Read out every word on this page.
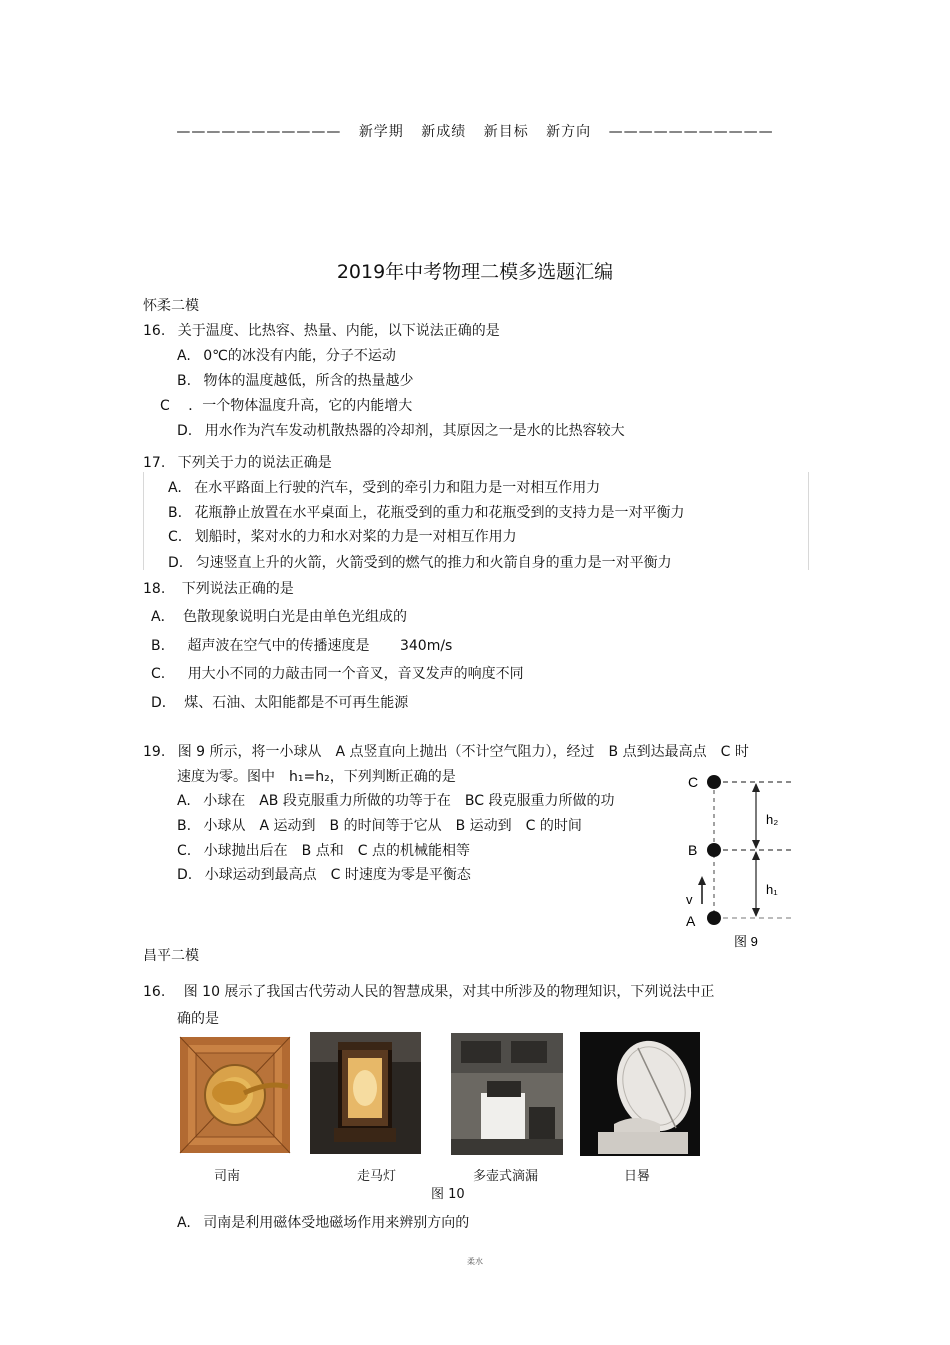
——————————— 新学期 新成绩 新目标 新方向 ———————————
2019年中考物理二模多选题汇编
怀柔二模
16. 关于温度、比热容、热量、内能，以下说法正确的是
A. 0℃的冰没有内能，分子不运动
B. 物体的温度越低，所含的热量越少
C ．一个物体温度升高，它的内能增大
D. 用水作为汽车发动机散热器的冷却剂，其原因之一是水的比热容较大
17. 下列关于力的说法正确是
A. 在水平路面上行驶的汽车，受到的牵引力和阻力是一对相互作用力
B. 花瓶静止放置在水平桌面上，花瓶受到的重力和花瓶受到的支持力是一对平衡力
C. 划船时，桨对水的力和水对桨的力是一对相互作用力
D. 匀速竖直上升的火箭，火箭受到的燃气的推力和火箭自身的重力是一对平衡力
18. 下列说法正确的是
A． 色散现象说明白光是由单色光组成的
B. 超声波在空气中的传播速度是 340m/s
C. 用大小不同的力敲击同一个音叉，音叉发声的响度不同
D． 煤、石油、太阳能都是不可再生能源
19. 图 9 所示，将一小球从　A 点竖直向上抛出（不计空气阻力），经过　B 点到达最高点　C 时
速度为零。图中　h₁=h₂，下列判断正确的是
A. 小球在　AB 段克服重力所做的功等于在　BC 段克服重力所做的功
B. 小球从　A 运动到　B 的时间等于它从　B 运动到　C 的时间
C. 小球抛出后在　B 点和　C 点的机械能相等
D. 小球运动到最高点　C 时速度为零是平衡态
C
B
A
h₂
h₁
v
图 9
昌平二模
16. 图 10 展示了我国古代劳动人民的智慧成果，对其中所涉及的物理知识，下列说法中正
确的是
司南	走马灯	多壶式滴漏	日晷
图 10
A. 司南是利用磁体受地磁场作用来辨别方向的
柔水
